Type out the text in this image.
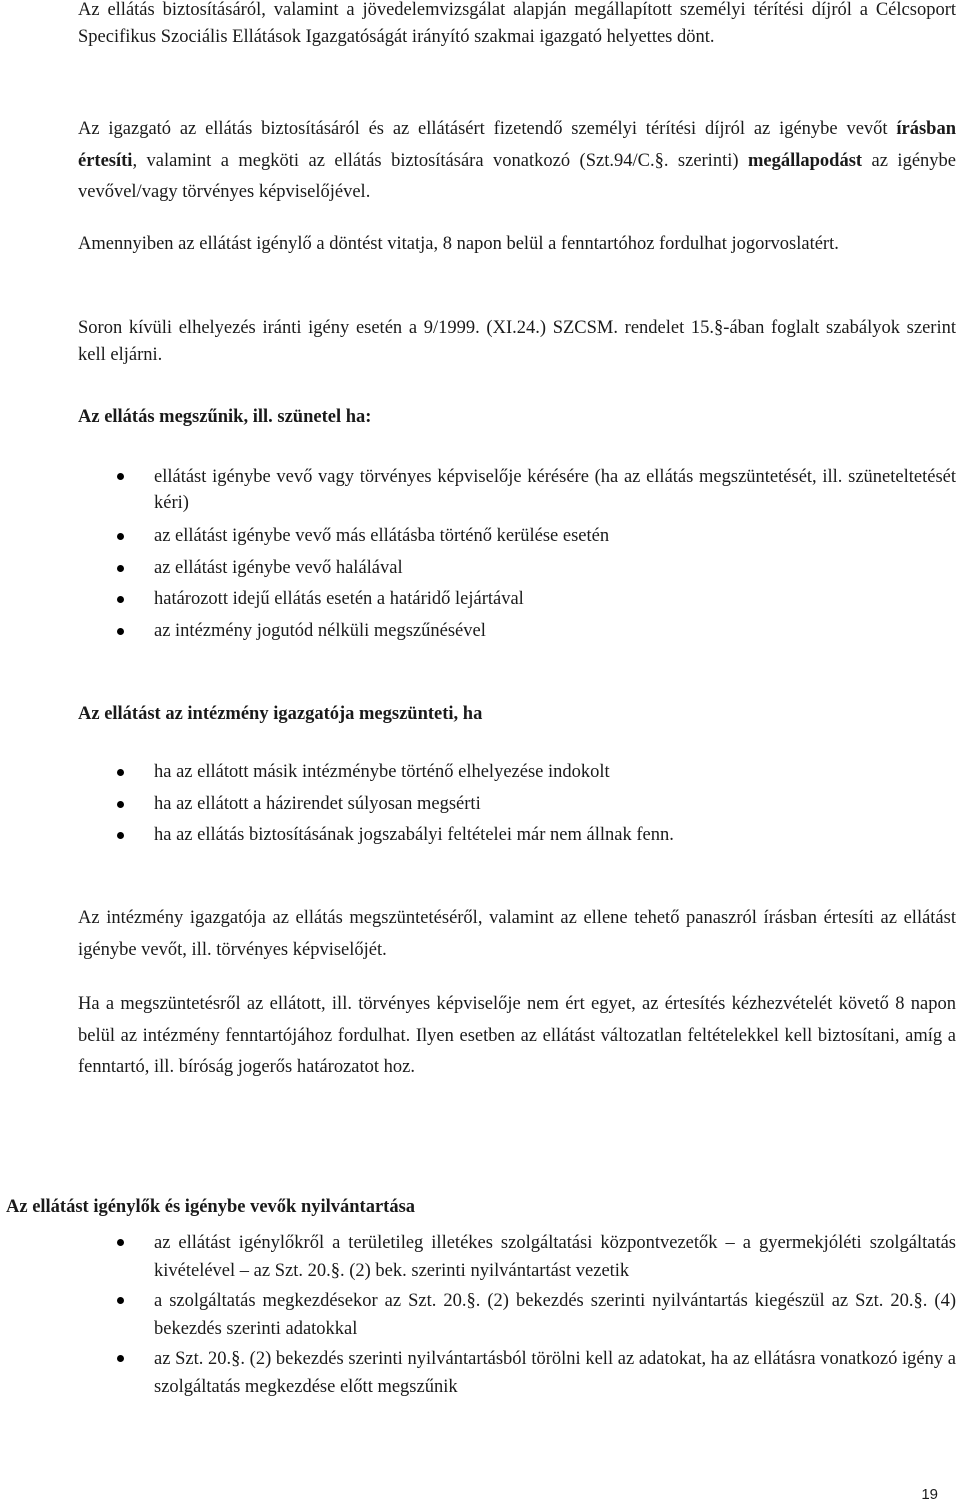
Az ellátás biztosításáról, valamint a jövedelemvizsgálat alapján megállapított személyi térítési díjról a Célcsoport Specifikus Szociális Ellátások Igazgatóságát irányító szakmai igazgató helyettes dönt.
Az igazgató az ellátás biztosításáról és az ellátásért fizetendő személyi térítési díjról az igénybe vevőt írásban értesíti, valamint a megköti az ellátás biztosítására vonatkozó (Szt.94/C.§. szerinti) megállapodást az igénybe vevővel/vagy törvényes képviselőjével.
Amennyiben az ellátást igénylő a döntést vitatja, 8 napon belül a fenntartóhoz fordulhat jogorvoslatért.
Soron kívüli elhelyezés iránti igény esetén a 9/1999. (XI.24.) SZCSM. rendelet 15.§-ában foglalt szabályok szerint kell eljárni.
Az ellátás megszűnik, ill. szünetel ha:
ellátást igénybe vevő vagy törvényes képviselője kérésére (ha az ellátás megszüntetését, ill. szüneteltetését kéri)
az ellátást igénybe vevő más ellátásba történő kerülése esetén
az ellátást igénybe vevő halálával
határozott idejű ellátás esetén a határidő lejártával
az intézmény jogutód nélküli megszűnésével
Az ellátást az intézmény igazgatója megszünteti, ha
ha az ellátott másik intézménybe történő elhelyezése indokolt
ha az ellátott a házirendet súlyosan megsérti
ha az ellátás biztosításának jogszabályi feltételei már nem állnak fenn.
Az intézmény igazgatója az ellátás megszüntetéséről, valamint az ellene tehető panaszról írásban értesíti az ellátást igénybe vevőt, ill. törvényes képviselőjét.
Ha a megszüntetésről az ellátott, ill. törvényes képviselője nem ért egyet, az értesítés kézhezvételét követő 8 napon belül az intézmény fenntartójához fordulhat. Ilyen esetben az ellátást változatlan feltételekkel kell biztosítani, amíg a fenntartó, ill. bíróság jogerős határozatot hoz.
Az ellátást igénylők és igénybe vevők nyilvántartása
az ellátást igénylőkről a területileg illetékes szolgáltatási központvezetők – a gyermekjóléti szolgáltatás kivételével – az Szt. 20.§. (2) bek. szerinti nyilvántartást vezetik
a szolgáltatás megkezdésekor az Szt. 20.§. (2) bekezdés szerinti nyilvántartás kiegészül az Szt. 20.§. (4) bekezdés szerinti adatokkal
az Szt. 20.§. (2) bekezdés szerinti nyilvántartásból törölni kell az adatokat, ha az ellátásra vonatkozó igény a szolgáltatás megkezdése előtt megszűnik
19
